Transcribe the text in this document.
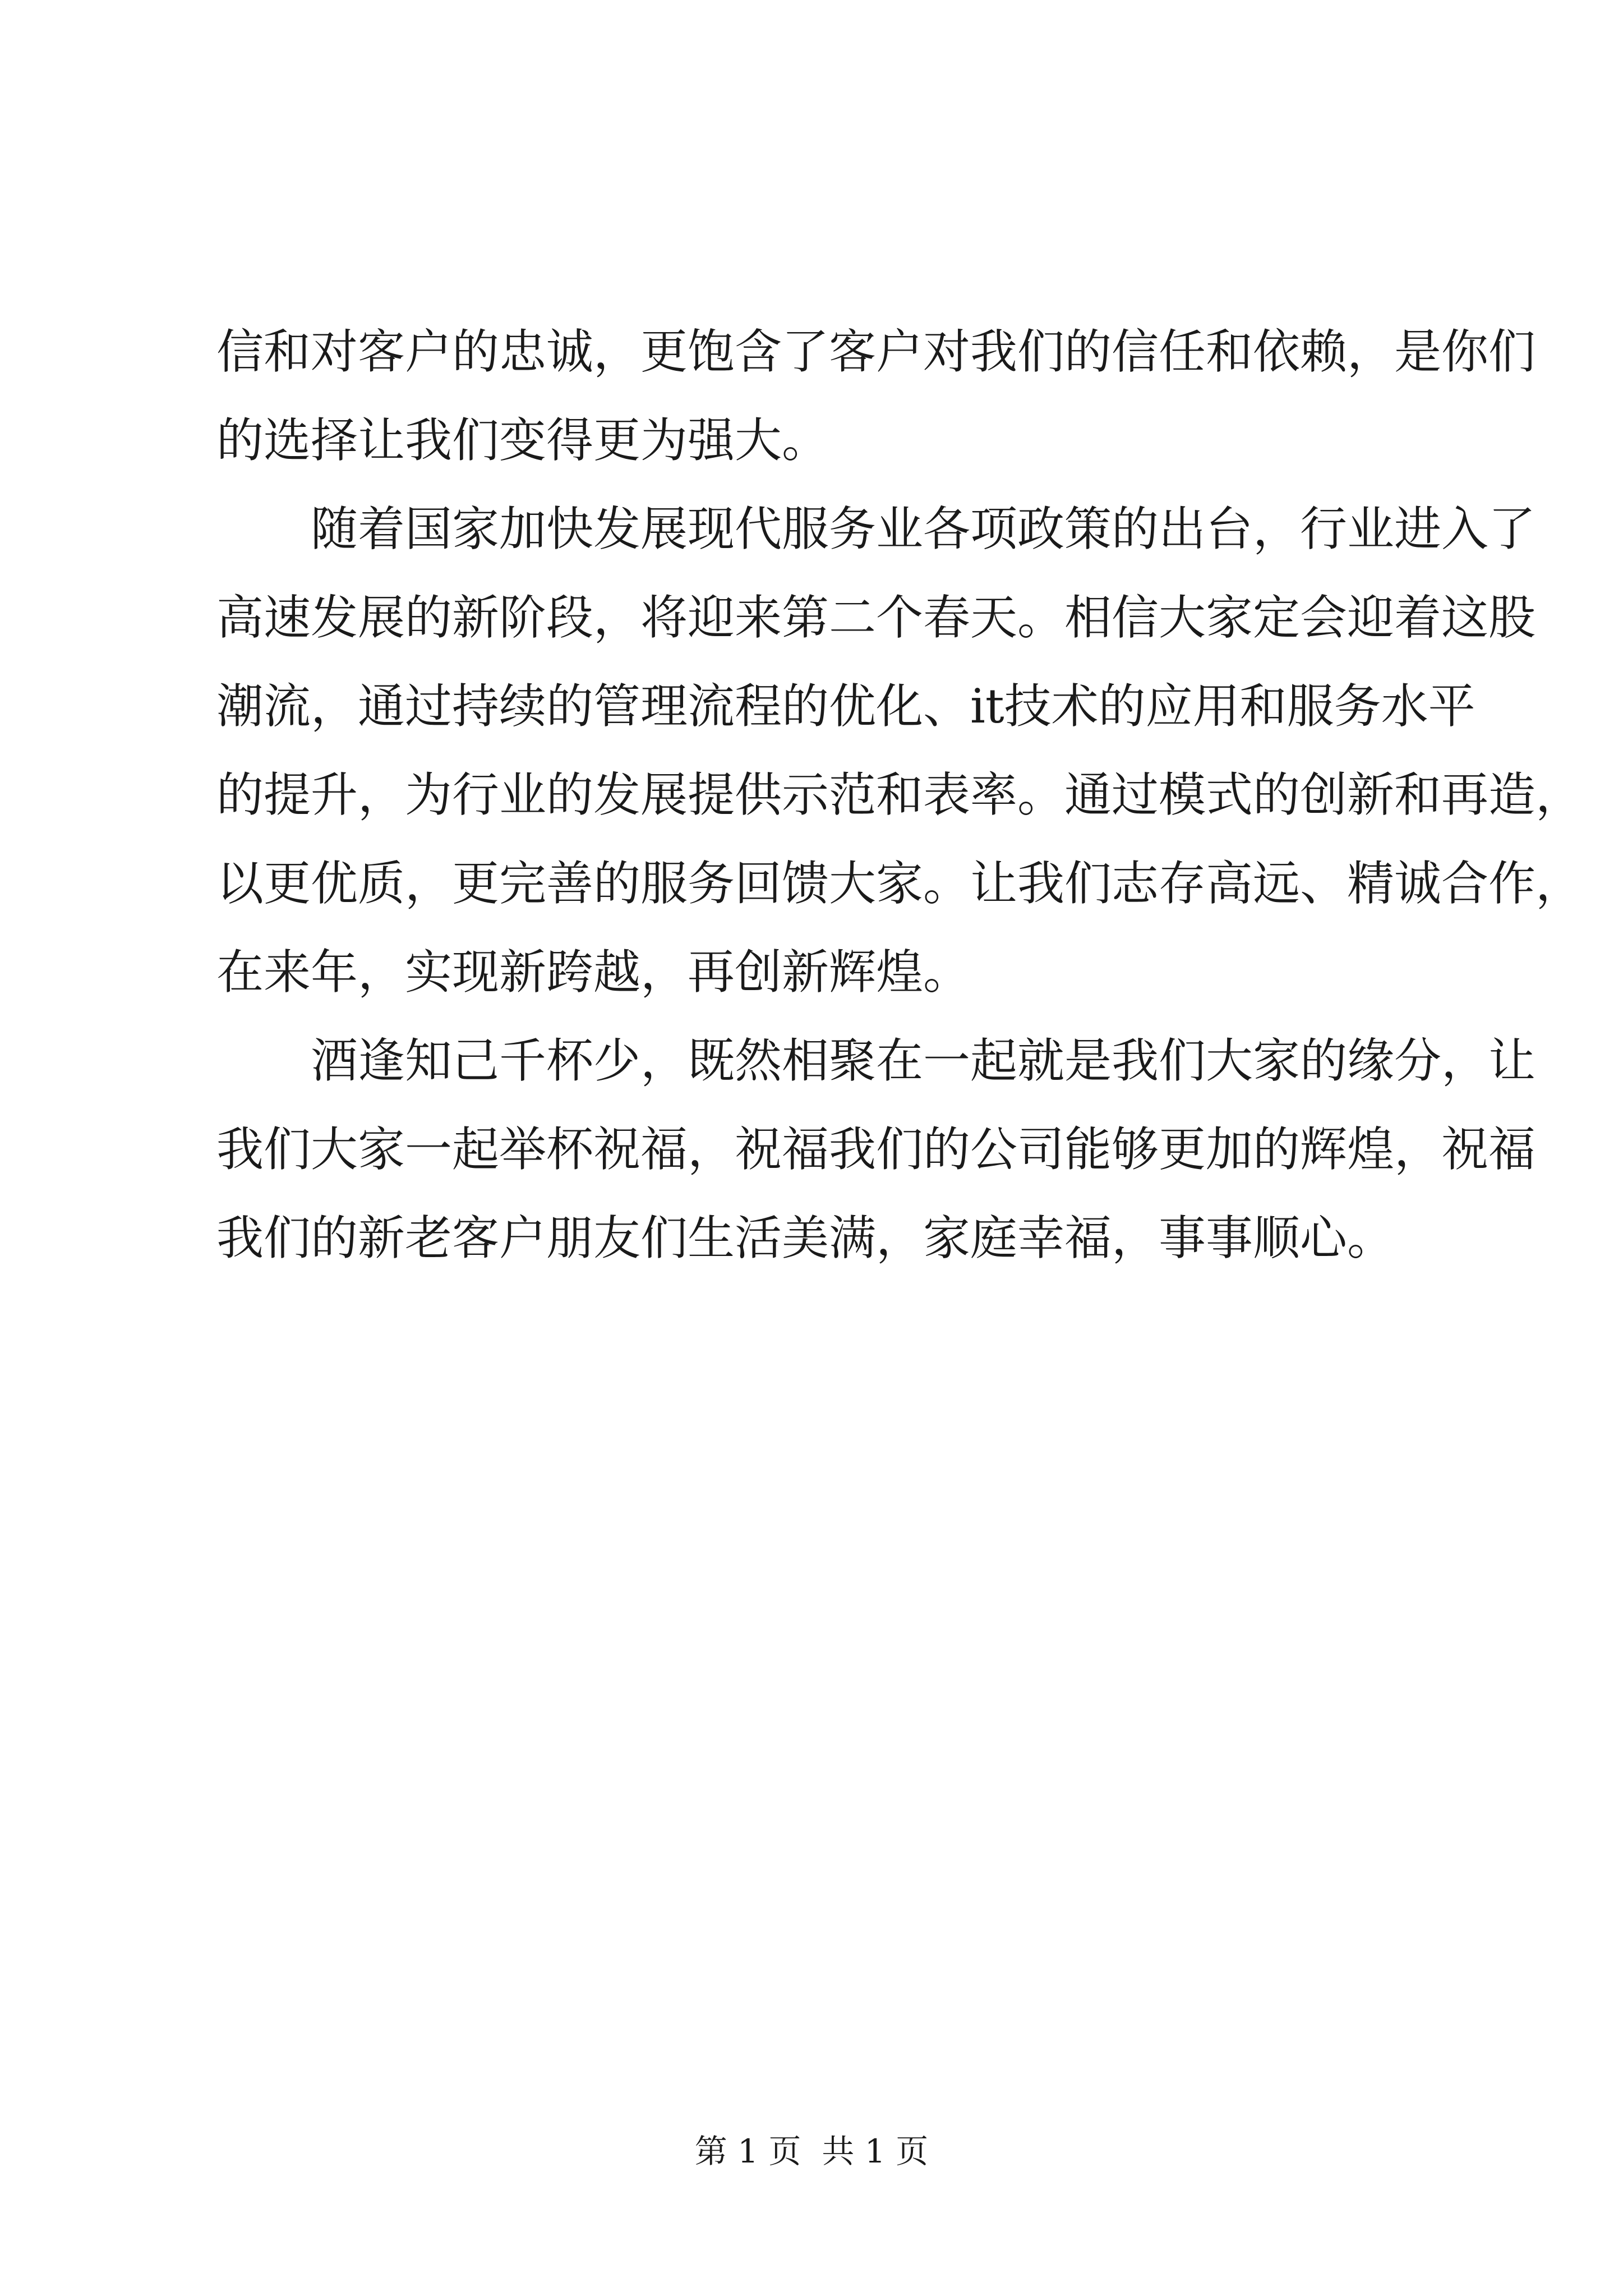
信和对客户的忠诚，更饱含了客户对我们的信任和依赖，是你们
的选择让我们变得更为强大。
随着国家加快发展现代服务业各项政策的出台，行业进入了
高速发展的新阶段，将迎来第二个春天。相信大家定会迎着这股
潮流，通过持续的管理流程的优化、it技术的应用和服务水平
的提升，为行业的发展提供示范和表率。通过模式的创新和再造，
以更优质，更完善的服务回馈大家。让我们志存高远、精诚合作，
在来年，实现新跨越，再创新辉煌。
酒逢知己千杯少，既然相聚在一起就是我们大家的缘分，让
我们大家一起举杯祝福，祝福我们的公司能够更加的辉煌，祝福
我们的新老客户朋友们生活美满，家庭幸福，事事顺心。
第 1 页  共 1 页
